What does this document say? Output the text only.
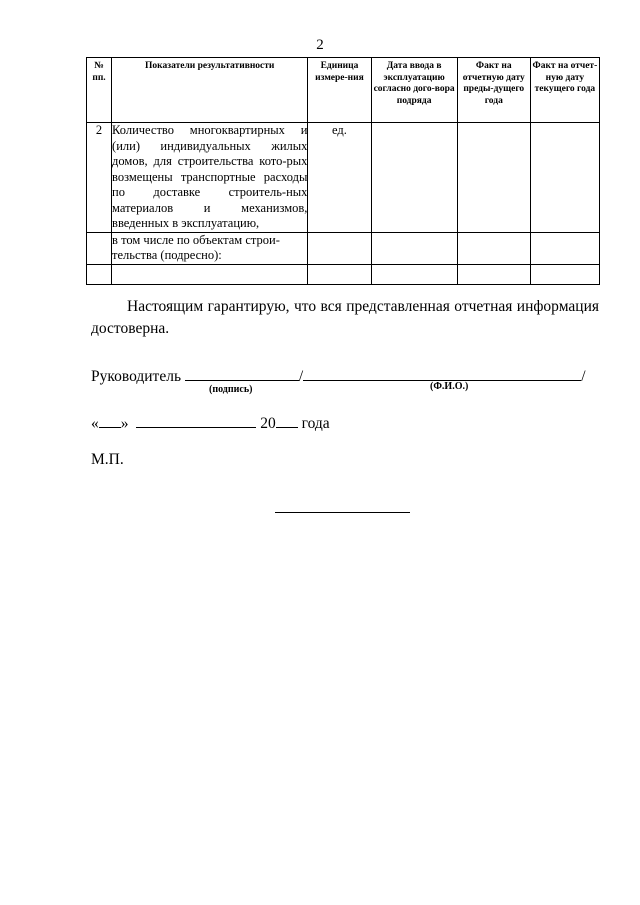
2
№ пп.	Показатели результативности	Единица измере-ния	Дата ввода в эксплуатацию согласно дого-вора подряда	Факт на отчетную дату преды-дущего года	Факт на отчет-ную дату текущего года
2	Количество многоквартирных и (или) индивидуальных жилых домов, для строительства кото-рых возмещены транспортные расходы по доставке строитель-ных материалов и механизмов, введенных в эксплуатацию,	ед.			
	в том числе по объектам строи-тельства (подресно):				

Настоящим гарантирую, что вся представленная отчетная информация достоверна.
Руководитель	/	/
(подпись)	(Ф.И.О.)
« »	20 года
М.П.
